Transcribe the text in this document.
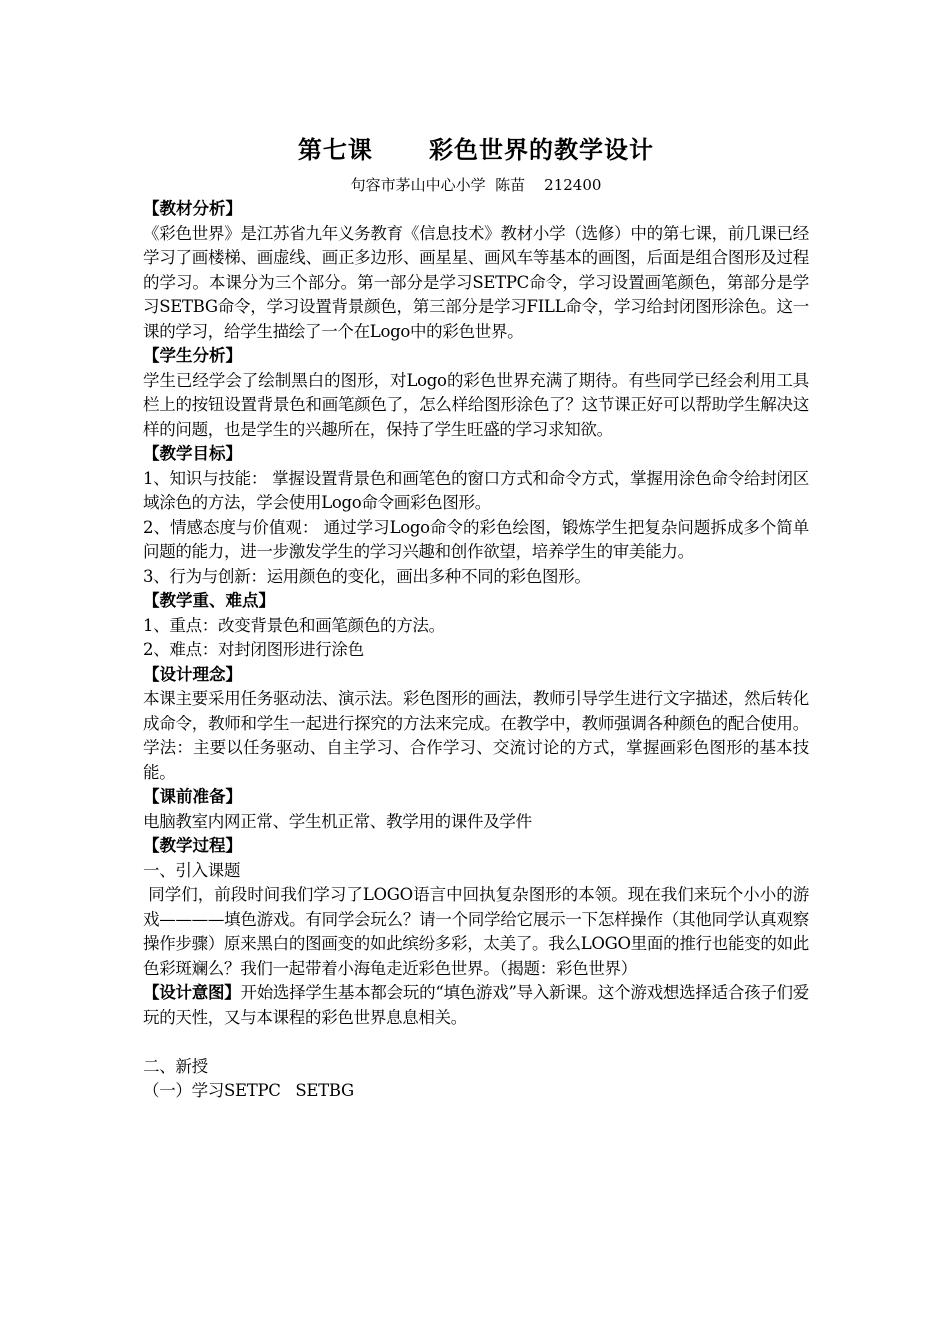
第七课      彩色世界的教学设计
句容市茅山中心小学  陈苗    212400
【教材分析】

《彩色世界》是江苏省九年义务教育《信息技术》教材小学（选修）中的第七课，前几课已经学习了画楼梯、画虚线、画正多边形、画星星、画风车等基本的画图，后面是组合图形及过程的学习。本课分为三个部分。第一部分是学习SETPC命令，学习设置画笔颜色，第部分是学习SETBG命令，学习设置背景颜色，第三部分是学习FILL命令，学习给封闭图形涂色。这一课的学习，给学生描绘了一个在Logo中的彩色世界。

【学生分析】

学生已经学会了绘制黑白的图形，对Logo的彩色世界充满了期待。有些同学已经会利用工具栏上的按钮设置背景色和画笔颜色了，怎么样给图形涂色了？这节课正好可以帮助学生解决这样的问题，也是学生的兴趣所在，保持了学生旺盛的学习求知欲。

【教学目标】

1、知识与技能： 掌握设置背景色和画笔色的窗口方式和命令方式，掌握用涂色命令给封闭区域涂色的方法，学会使用Logo命令画彩色图形。

2、情感态度与价值观： 通过学习Logo命令的彩色绘图，锻炼学生把复杂问题拆成多个简单问题的能力，进一步激发学生的学习兴趣和创作欲望，培养学生的审美能力。

3、行为与创新：运用颜色的变化，画出多种不同的彩色图形。

【教学重、难点】

1、重点：改变背景色和画笔颜色的方法。

2、难点：对封闭图形进行涂色

【设计理念】

本课主要采用任务驱动法、演示法。彩色图形的画法，教师引导学生进行文字描述，然后转化成命令，教师和学生一起进行探究的方法来完成。在教学中，教师强调各种颜色的配合使用。学法：主要以任务驱动、自主学习、合作学习、交流讨论的方式，掌握画彩色图形的基本技能。

【课前准备】

电脑教室内网正常、学生机正常、教学用的课件及学件

【教学过程】

一、引入课题

同学们，前段时间我们学习了LOGO语言中回执复杂图形的本领。现在我们来玩个小小的游戏————填色游戏。有同学会玩么？请一个同学给它展示一下怎样操作（其他同学认真观察操作步骤）原来黑白的图画变的如此缤纷多彩，太美了。我么LOGO里面的推行也能变的如此色彩斑斓么？我们一起带着小海龟走近彩色世界。（揭题：彩色世界）

【设计意图】开始选择学生基本都会玩的“填色游戏”导入新课。这个游戏想选择适合孩子们爱玩的天性，又与本课程的彩色世界息息相关。

二、新授

（一）学习SETPC   SETBG
